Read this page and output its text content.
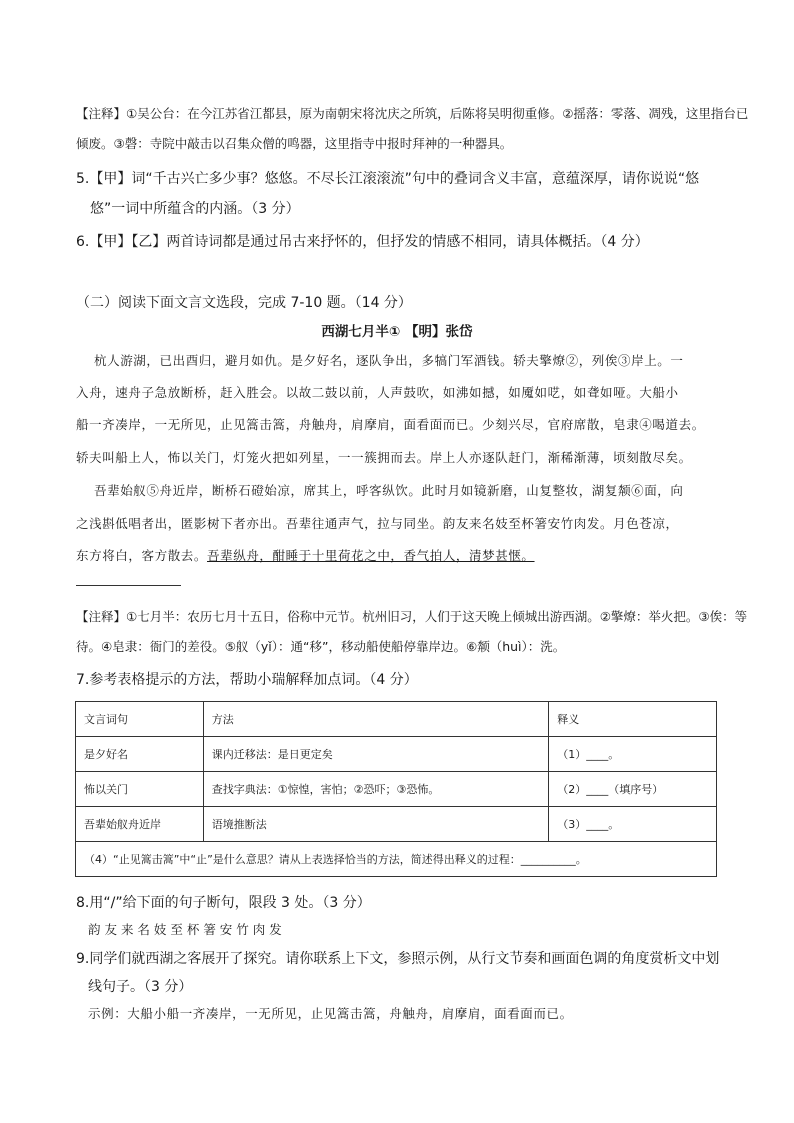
【注释】①吴公台：在今江苏省江都县，原为南朝宋将沈庆之所筑，后陈将吴明彻重修。②摇落：零落、凋残，这里指台已
倾废。③磬：寺院中敲击以召集众僧的鸣器，这里指寺中报时拜神的一种器具。
5.【甲】词“千古兴亡多少事？悠悠。不尽长江滚滚流”句中的叠词含义丰富，意蕴深厚，请你说说“悠
悠”一词中所蕴含的内涵。（3 分）
6.【甲】【乙】两首诗词都是通过吊古来抒怀的，但抒发的情感不相同，请具体概括。（4 分）
（二）阅读下面文言文选段，完成 7-10 题。（14 分）
西湖七月半① 【明】张岱
杭人游湖，已出酉归，避月如仇。是夕好名，逐队争出，多犒门军酒钱。轿夫擎燎②，列俟③岸上。一
入舟，速舟子急放断桥，赶入胜会。以故二鼓以前，人声鼓吹，如沸如撼，如魇如呓，如聋如哑。大船小
船一齐凑岸，一无所见，止见篙击篙，舟触舟，肩摩肩，面看面而已。少刻兴尽，官府席散，皂隶④喝道去。
轿夫叫船上人，怖以关门，灯笼火把如列星，一一簇拥而去。岸上人亦逐队赶门，渐稀渐薄，顷刻散尽矣。
吾辈始舣⑤舟近岸，断桥石磴始凉，席其上，呼客纵饮。此时月如镜新磨，山复整妆，湖复颒⑥面，向
之浅斟低唱者出，匿影树下者亦出。吾辈往通声气，拉与同坐。韵友来名妓至杯箸安竹肉发。月色苍凉，
东方将白，客方散去。吾辈纵舟，酣睡于十里荷花之中，香气拍人，清梦甚惬。
【注释】①七月半：农历七月十五日，俗称中元节。杭州旧习，人们于这天晚上倾城出游西湖。②擎燎：举火把。③俟：等
待。④皂隶：衙门的差役。⑤舣（yǐ）：通“移”，移动船使船停靠岸边。⑥颒（huì）：洗。
7.参考表格提示的方法，帮助小瑞解释加点词。（4 分）
文言词句	方法	释义
是夕好名	课内迁移法：是日更定矣	（1）____。
怖以关门	查找字典法：①惊惶，害怕；②恐吓；③恐怖。	（2）____（填序号）
吾辈始舣舟近岸	语境推断法	（3）____。
（4）“止见篙击篙”中“止”是什么意思？请从上表选择恰当的方法，简述得出释义的过程：__________。		
8.用“/”给下面的句子断句，限段 3 处。（3 分）
韵 友 来 名 妓 至 杯 箸 安 竹 肉 发
9.同学们就西湖之客展开了探究。请你联系上下文，参照示例，从行文节奏和画面色调的角度赏析文中划
线句子。（3 分）
示例：大船小船一齐凑岸，一无所见，止见篙击篙，舟触舟，肩摩肩，面看面而已。
